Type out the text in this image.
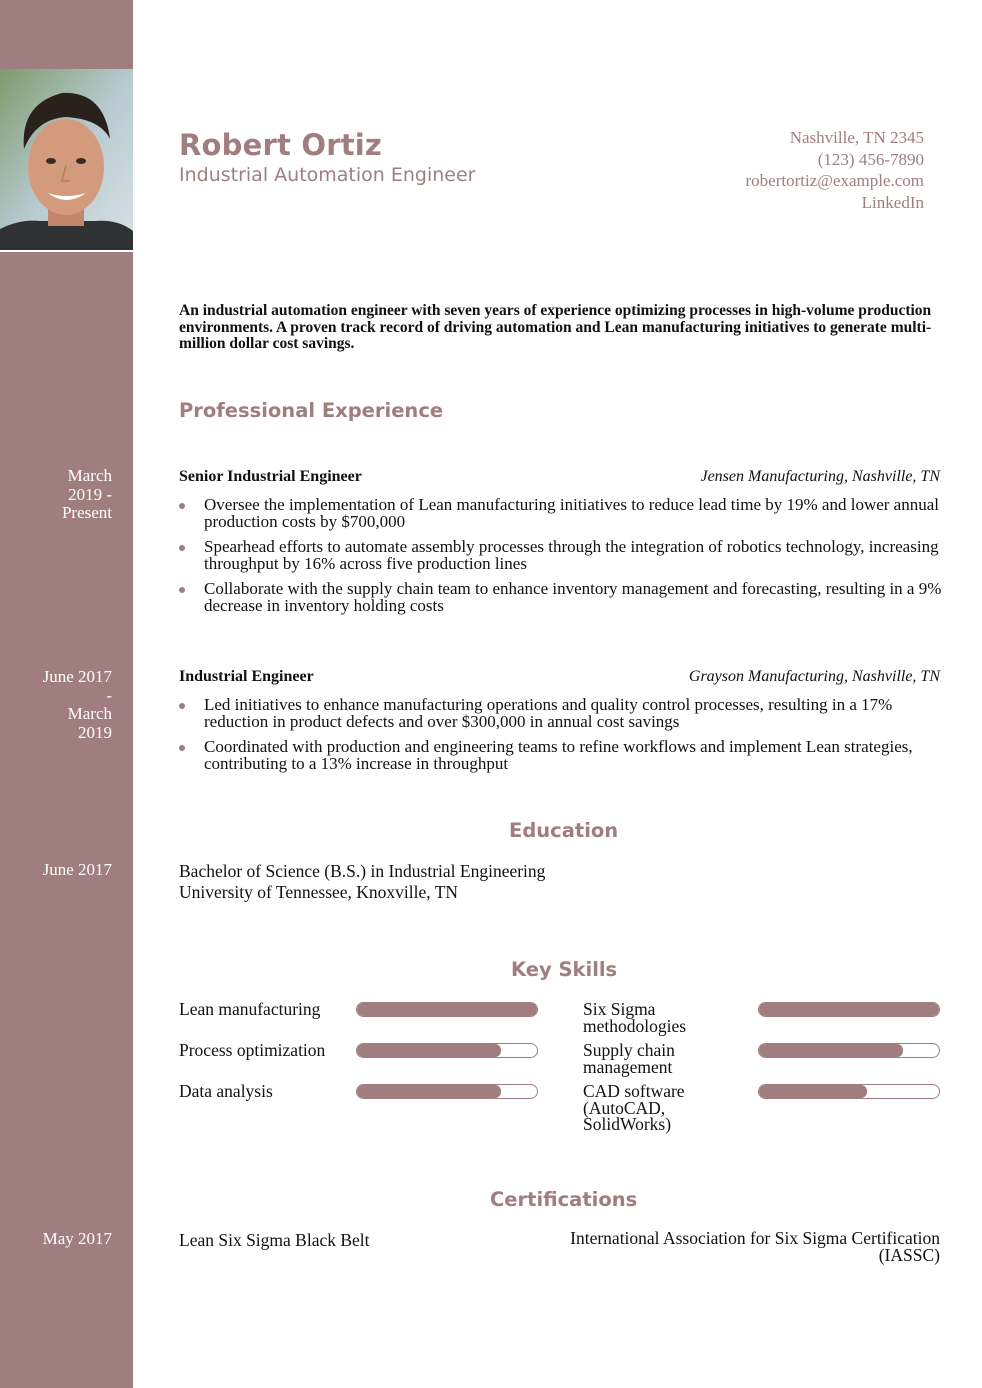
Robert Ortiz
Industrial Automation Engineer
Nashville, TN 2345
(123) 456-7890
robertortiz@example.com
LinkedIn

An industrial automation engineer with seven years of experience optimizing processes in high-volume production environments. A proven track record of driving automation and Lean manufacturing initiatives to generate multi-million dollar cost savings.

Professional Experience
March
2019 -
Present
Senior Industrial Engineer	Jensen Manufacturing, Nashville, TN
Oversee the implementation of Lean manufacturing initiatives to reduce lead time by 19% and lower annual production costs by $700,000
Spearhead efforts to automate assembly processes through the integration of robotics technology, increasing throughput by 16% across five production lines
Collaborate with the supply chain team to enhance inventory management and forecasting, resulting in a 9% decrease in inventory holding costs
June 2017
-
March
2019
Industrial Engineer	Grayson Manufacturing, Nashville, TN
Led initiatives to enhance manufacturing operations and quality control processes, resulting in a 17% reduction in product defects and over $300,000 in annual cost savings
Coordinated with production and engineering teams to refine workflows and implement Lean strategies, contributing to a 13% increase in throughput
Education
June 2017	Bachelor of Science (B.S.) in Industrial Engineering
University of Tennessee, Knoxville, TN
Key Skills
Lean manufacturing	Six Sigma methodologies
Process optimization	Supply chain management
Data analysis	CAD software (AutoCAD, SolidWorks)
Certifications
May 2017	Lean Six Sigma Black Belt	International Association for Six Sigma Certification (IASSC)
